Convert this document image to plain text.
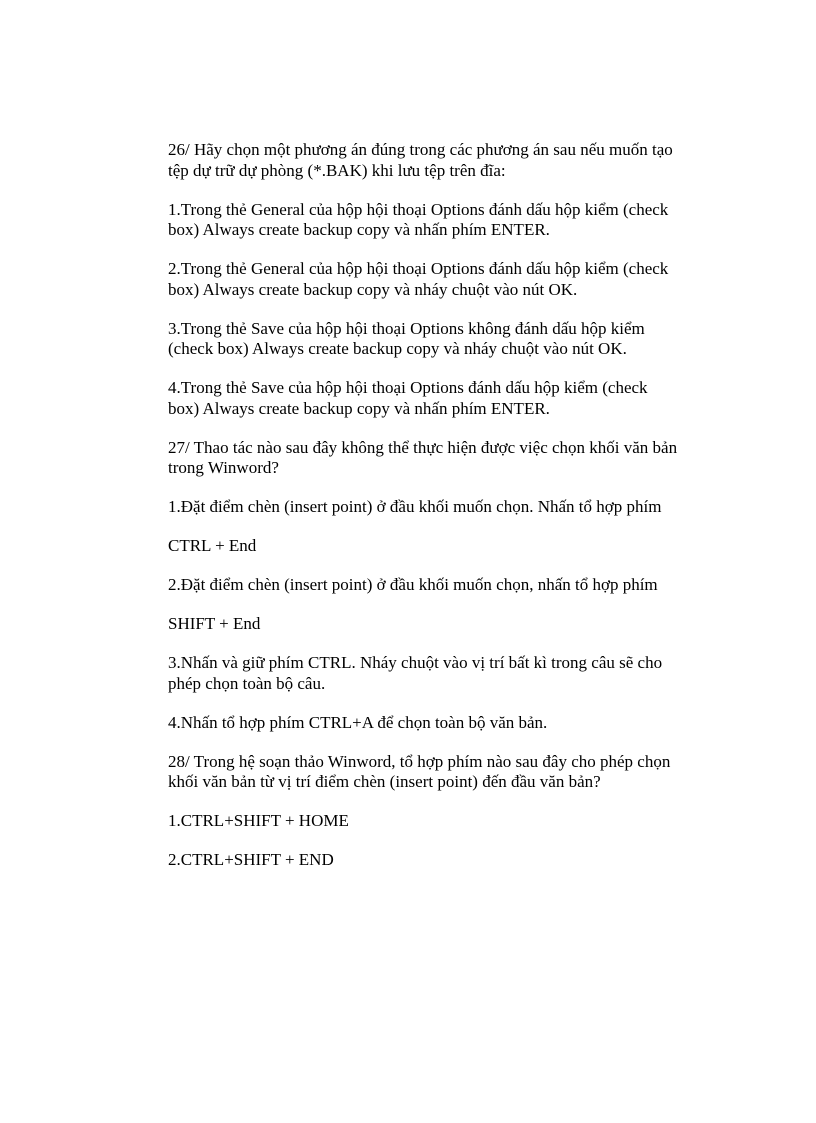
26/ Hãy chọn một phương án đúng trong các phương án sau nếu muốn tạo tệp dự trữ dự phòng (*.BAK) khi lưu tệp trên đĩa:

1.Trong thẻ General của hộp hội thoại Options đánh dấu hộp kiểm (check box) Always create backup copy và nhấn phím ENTER.

2.Trong thẻ General của hộp hội thoại Options đánh dấu hộp kiểm (check box) Always create backup copy và nháy chuột vào nút OK.

3.Trong thẻ Save của hộp hội thoại Options không đánh dấu hộp kiểm (check box) Always create backup copy và nháy chuột vào nút OK.

4.Trong thẻ Save của hộp hội thoại Options đánh dấu hộp kiểm (check box) Always create backup copy và nhấn phím ENTER.

27/ Thao tác nào sau đây không thể thực hiện được việc chọn khối văn bản trong Winword?

1.Đặt điểm chèn (insert point) ở đầu khối muốn chọn. Nhấn tổ hợp phím

CTRL + End

2.Đặt điểm chèn (insert point) ở đầu khối muốn chọn, nhấn tổ hợp phím

SHIFT + End

3.Nhấn và giữ phím CTRL. Nháy chuột vào vị trí bất kì trong câu sẽ cho phép chọn toàn bộ câu.

4.Nhấn tổ hợp phím CTRL+A để chọn toàn bộ văn bản.

28/ Trong hệ soạn thảo Winword, tổ hợp phím nào sau đây cho phép chọn khối văn bản từ vị trí điểm chèn (insert point) đến đầu văn bản?

1.CTRL+SHIFT + HOME

2.CTRL+SHIFT + END
